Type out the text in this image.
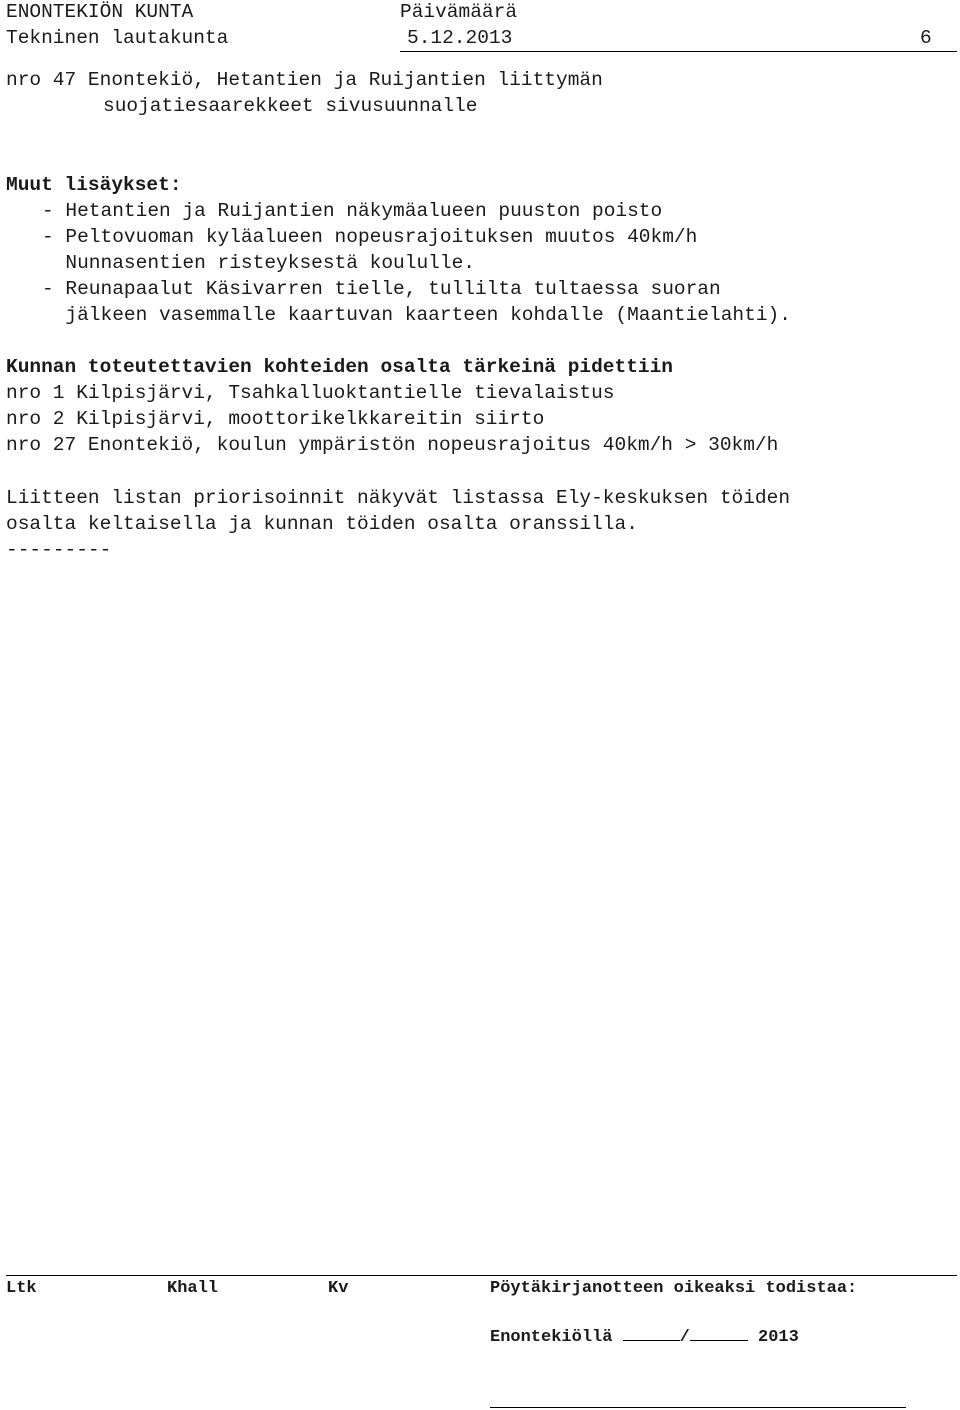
ENONTEKIÖN KUNTA	Päivämäärä
Tekninen lautakunta	5.12.2013	6
nro 47 Enontekiö, Hetantien ja Ruijantien liittymän
suojatiesaarekkeet sivusuunnalle
Muut lisäykset:
- Hetantien ja Ruijantien näkymäalueen puuston poisto
- Peltovuoman kyläalueen nopeusrajoituksen muutos 40km/h
Nunnasentien risteyksestä koululle.
- Reunapaalut Käsivarren tielle, tullilta tultaessa suoran
jälkeen vasemmalle kaartuvan kaarteen kohdalle (Maantielahti).
Kunnan toteutettavien kohteiden osalta tärkeinä pidettiin
nro 1 Kilpisjärvi, Tsahkalluoktantielle tievalaistus
nro 2 Kilpisjärvi, moottorikelkkareitin siirto
nro 27 Enontekiö, koulun ympäristön nopeusrajoitus 40km/h > 30km/h
Liitteen listan priorisoinnit näkyvät listassa Ely-keskuksen töiden
osalta keltaisella ja kunnan töiden osalta oranssilla.
---------
Ltk	Khall	Kv	Pöytäkirjanotteen oikeaksi todistaa:
Enontekiöllä	/	2013
